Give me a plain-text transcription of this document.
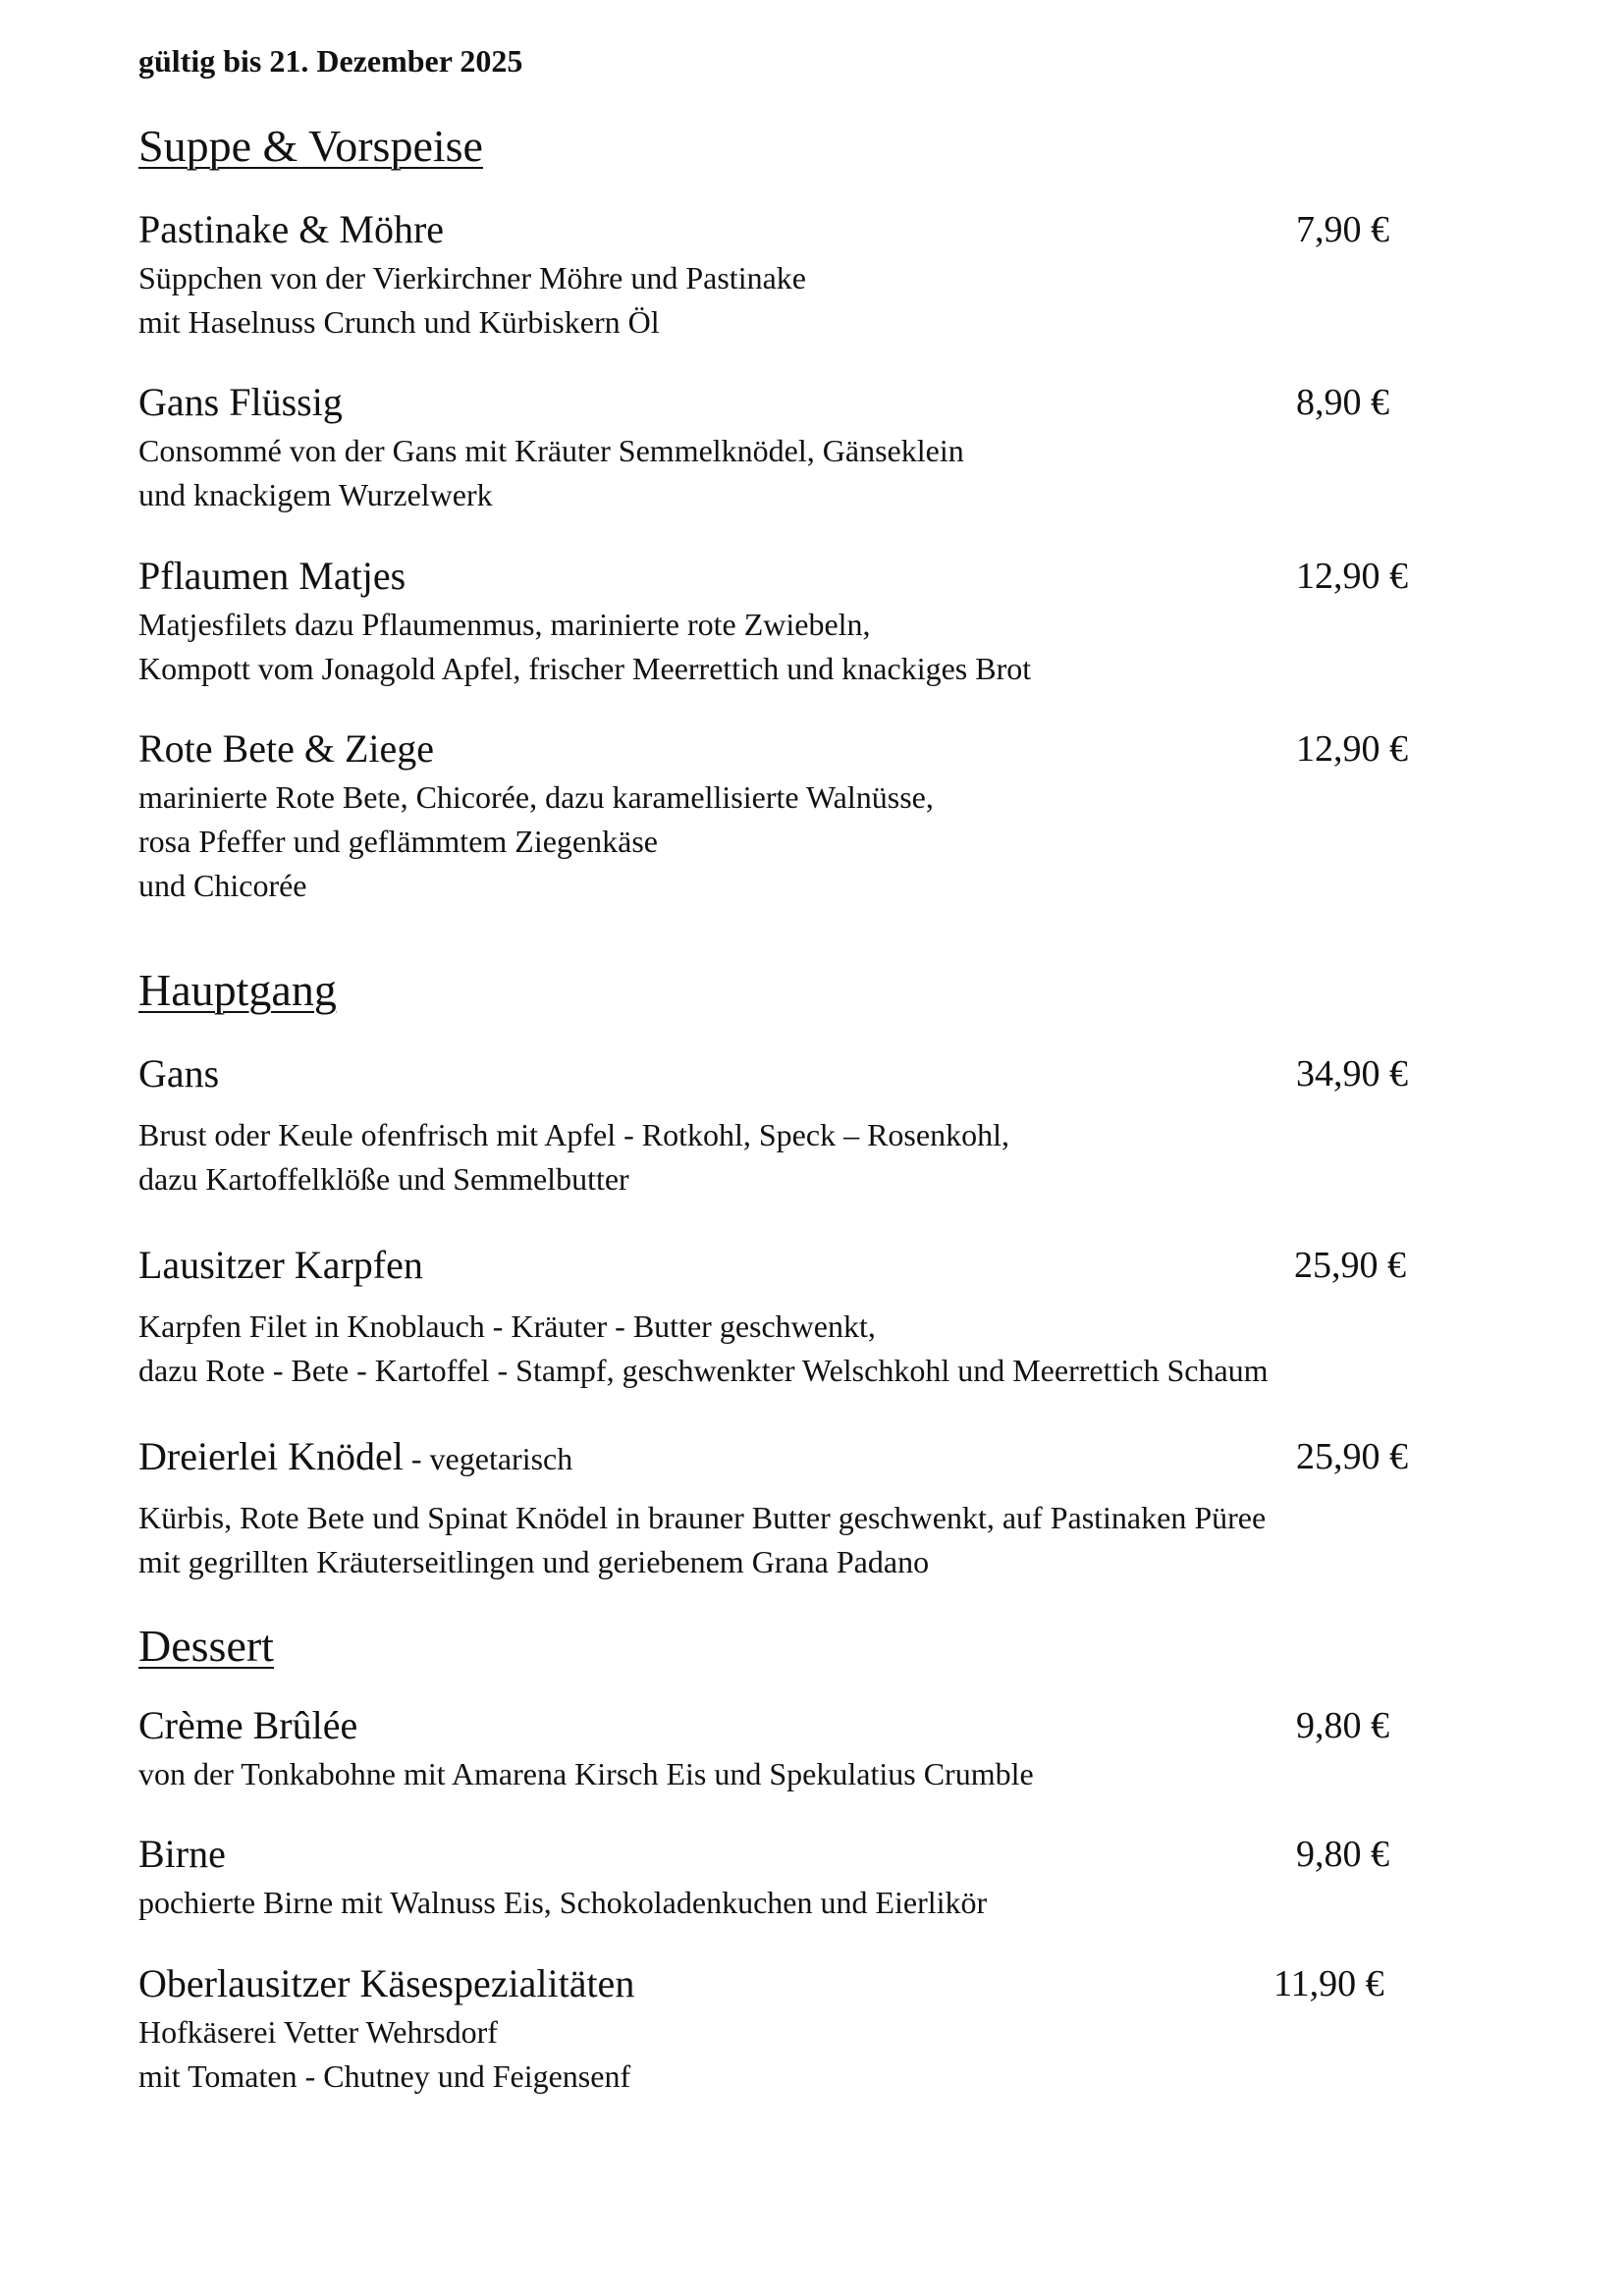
gültig bis 21. Dezember 2025
Suppe & Vorspeise
Pastinake & Möhre	7,90 €
Süppchen von der Vierkirchner Möhre und Pastinake
mit Haselnuss Crunch und Kürbiskern Öl
Gans Flüssig	8,90 €
Consommé von der Gans mit Kräuter Semmelknödel, Gänseklein
und knackigem Wurzelwerk
Pflaumen Matjes	12,90 €
Matjesfilets dazu Pflaumenmus, marinierte rote Zwiebeln,
Kompott vom Jonagold Apfel, frischer Meerrettich und knackiges Brot
Rote Bete & Ziege	12,90 €
marinierte Rote Bete, Chicorée, dazu karamellisierte Walnüsse,
rosa Pfeffer und geflämmtem Ziegenkäse
und Chicorée
Hauptgang
Gans	34,90 €
Brust oder Keule ofenfrisch mit Apfel - Rotkohl, Speck – Rosenkohl,
dazu Kartoffelklöße und Semmelbutter
Lausitzer Karpfen	25,90 €
Karpfen Filet in Knoblauch - Kräuter - Butter geschwenkt,
dazu Rote - Bete - Kartoffel - Stampf, geschwenkter Welschkohl und Meerrettich Schaum
Dreierlei Knödel - vegetarisch	25,90 €
Kürbis, Rote Bete und Spinat Knödel in brauner Butter geschwenkt, auf Pastinaken Püree
mit gegrillten Kräuterseitlingen und geriebenem Grana Padano
Dessert
Crème Brûlée	9,80 €
von der Tonkabohne mit Amarena Kirsch Eis und Spekulatius Crumble
Birne	9,80 €
pochierte Birne mit Walnuss Eis, Schokoladenkuchen und Eierlikör
Oberlausitzer Käsespezialitäten	11,90 €
Hofkäserei Vetter Wehrsdorf
mit Tomaten - Chutney und Feigensenf
